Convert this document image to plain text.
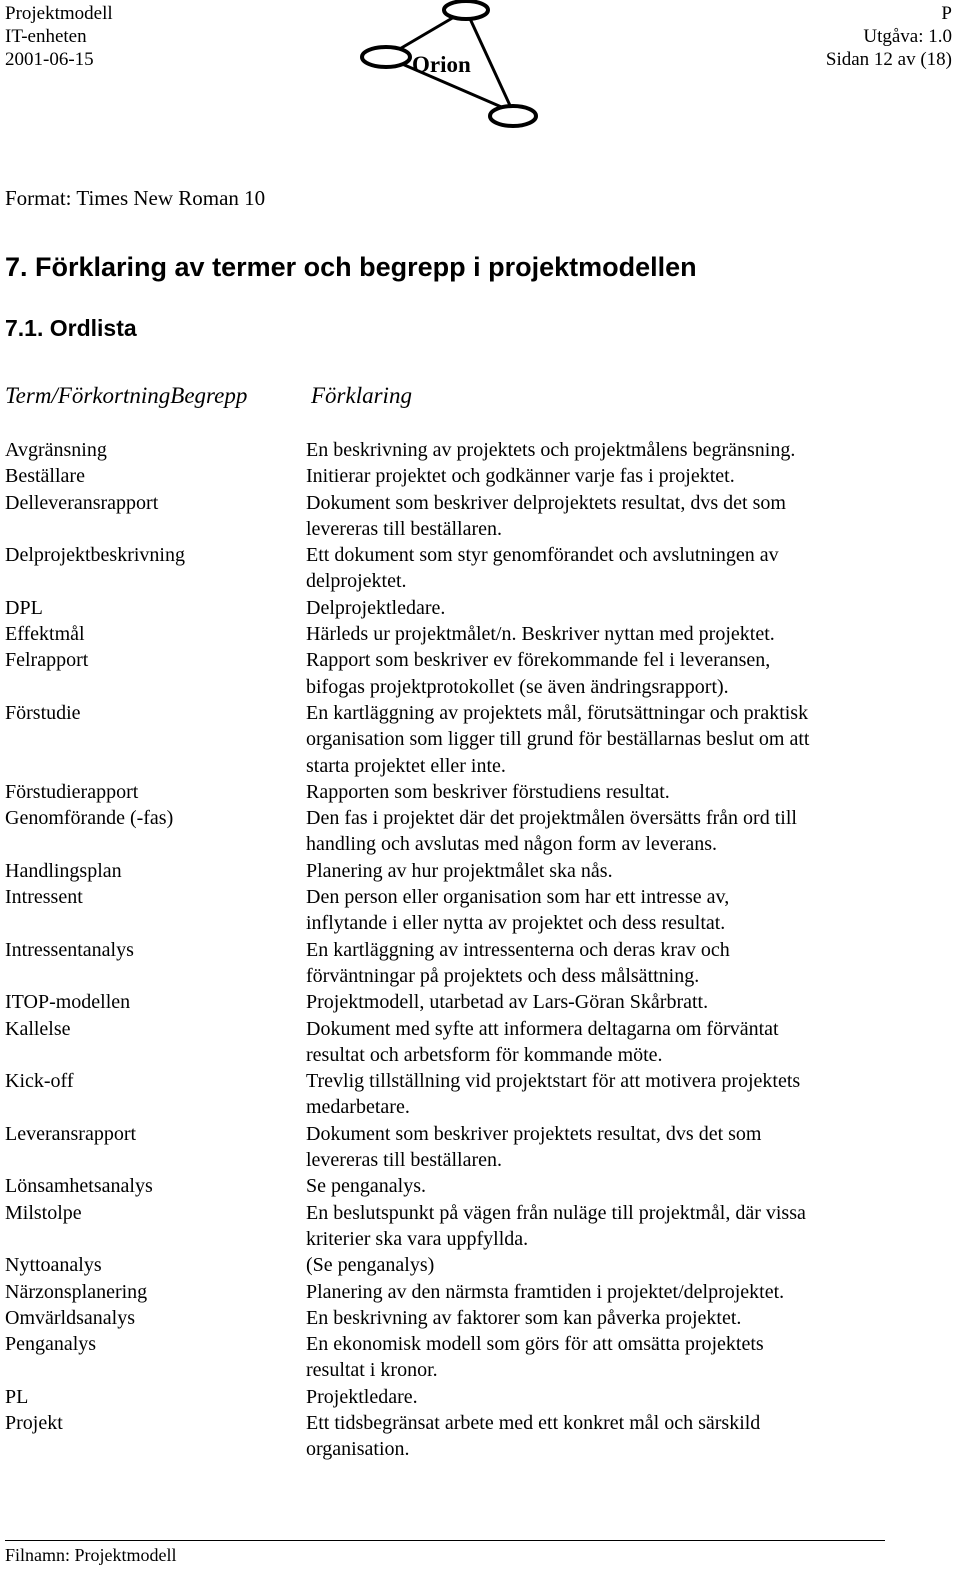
Projektmodell
IT-enheten
2001-06-15
P
Utgåva: 1.0
Sidan 12 av (18)
Orion
Format: Times New Roman 10
7. Förklaring av termer och begrepp i projektmodellen
7.1. Ordlista
Term/FörkortningBegrepp	Förklaring
Avgränsning	En beskrivning av projektets och projektmålens begränsning.
Beställare	Initierar projektet och godkänner varje fas i projektet.
Delleveransrapport	Dokument som beskriver delprojektets resultat, dvs det som
levereras till beställaren.
Delprojektbeskrivning	Ett dokument som styr genomförandet och avslutningen av
delprojektet.
DPL	Delprojektledare.
Effektmål	Härleds ur projektmålet/n. Beskriver nyttan med projektet.
Felrapport	Rapport som beskriver ev förekommande fel i leveransen,
bifogas projektprotokollet (se även ändringsrapport).
Förstudie	En kartläggning av projektets mål, förutsättningar och praktisk
organisation som ligger till grund för beställarnas beslut om att
starta projektet eller inte.
Förstudierapport	Rapporten som beskriver förstudiens resultat.
Genomförande (-fas)	Den fas i projektet där det projektmålen översätts från ord till
handling och avslutas med någon form av leverans.
Handlingsplan	Planering av hur projektmålet ska nås.
Intressent	Den person eller organisation som har ett intresse av,
inflytande i eller nytta av projektet och dess resultat.
Intressentanalys	En kartläggning av intressenterna och deras krav och
förväntningar på projektets och dess målsättning.
ITOP-modellen	Projektmodell, utarbetad av Lars-Göran Skårbratt.
Kallelse	Dokument med syfte att informera deltagarna om förväntat
resultat och arbetsform för kommande möte.
Kick-off	Trevlig tillställning vid projektstart för att motivera projektets
medarbetare.
Leveransrapport	Dokument som beskriver projektets resultat, dvs det som
levereras till beställaren.
Lönsamhetsanalys	Se penganalys.
Milstolpe	En beslutspunkt på vägen från nuläge till projektmål, där vissa
kriterier ska vara uppfyllda.
Nyttoanalys	(Se penganalys)
Närzonsplanering	Planering av den närmsta framtiden i projektet/delprojektet.
Omvärldsanalys	En beskrivning av faktorer som kan påverka projektet.
Penganalys	En ekonomisk modell som görs för att omsätta projektets
resultat i kronor.
PL	Projektledare.
Projekt	Ett tidsbegränsat arbete med ett konkret mål och särskild
organisation.
Filnamn: Projektmodell
